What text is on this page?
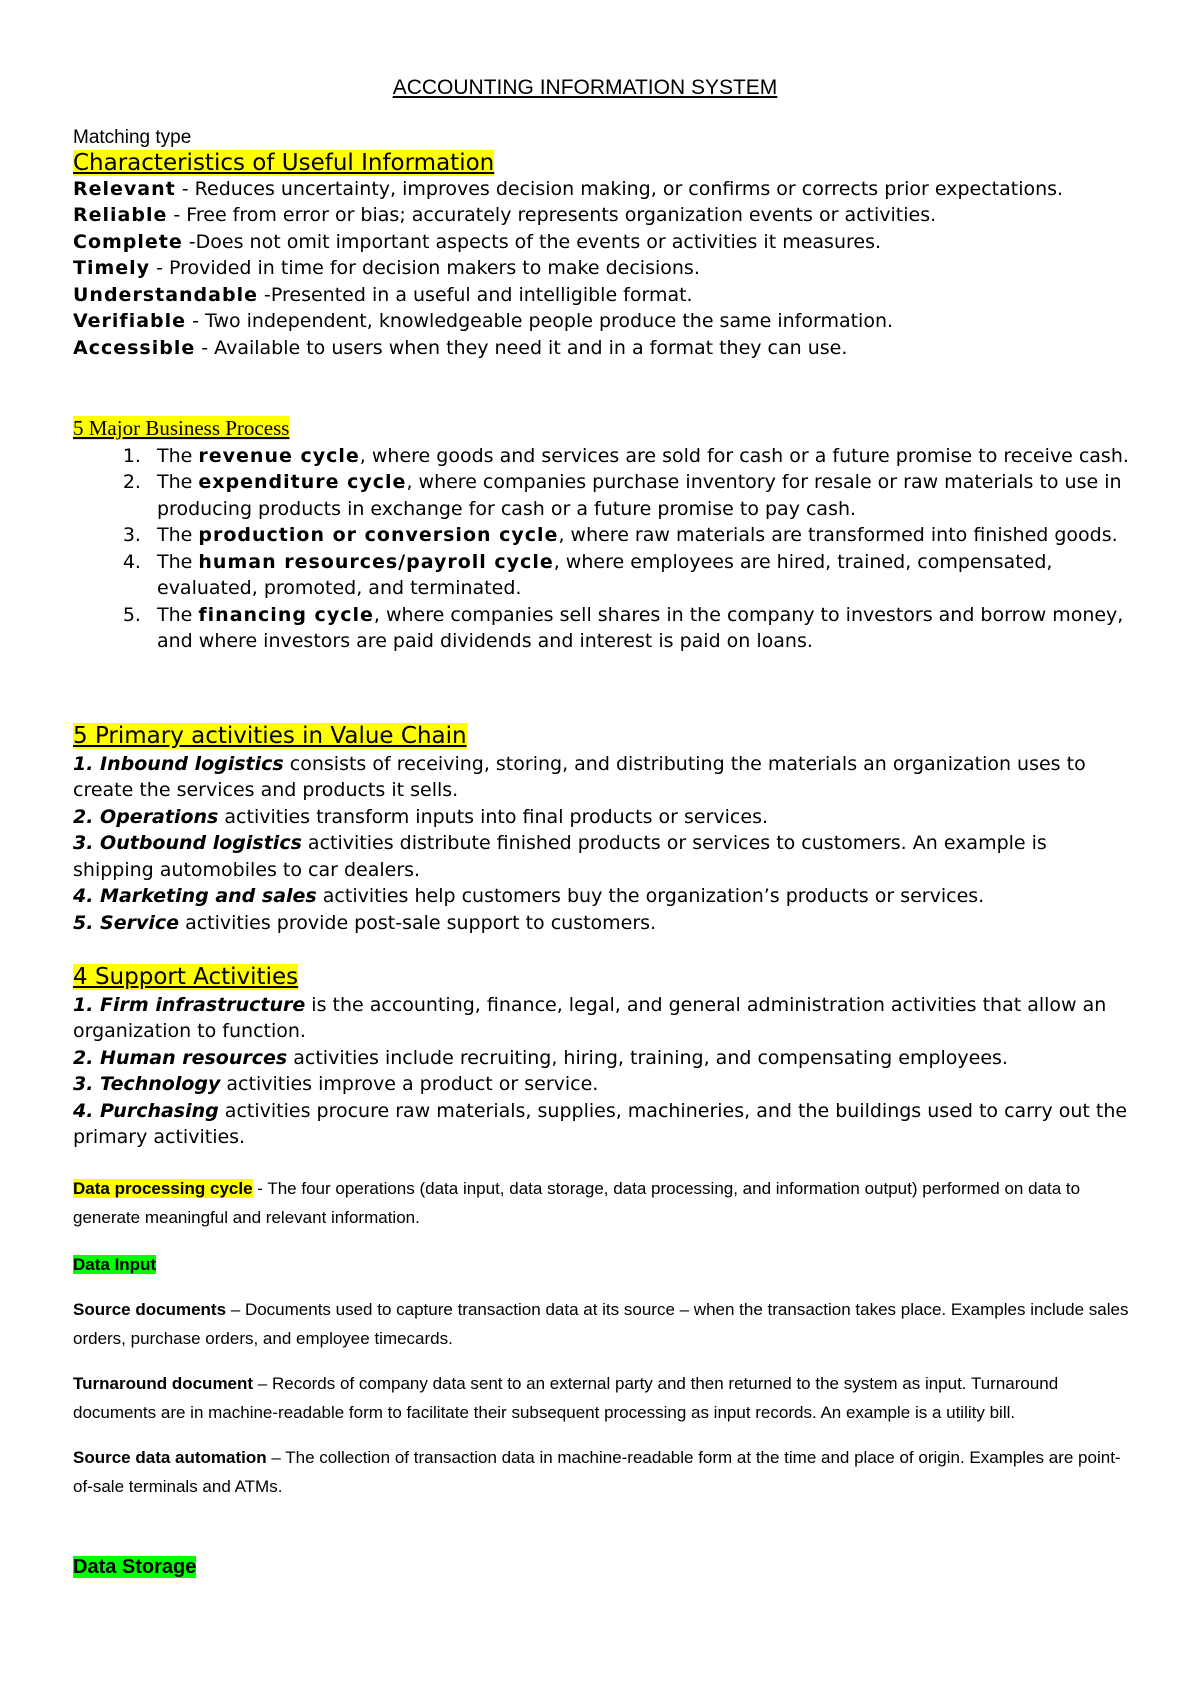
ACCOUNTING INFORMATION SYSTEM
Matching type
Characteristics of Useful Information

Relevant - Reduces uncertainty, improves decision making, or confirms or corrects prior expectations.

Reliable - Free from error or bias; accurately represents organization events or activities.

Complete -Does not omit important aspects of the events or activities it measures.

Timely - Provided in time for decision makers to make decisions.

Understandable -Presented in a useful and intelligible format.

Verifiable - Two independent, knowledgeable people produce the same information.

Accessible - Available to users when they need it and in a format they can use.

5 Major Business Process
1. The revenue cycle, where goods and services are sold for cash or a future promise to receive cash.
2. The expenditure cycle, where companies purchase inventory for resale or raw materials to use in producing products in exchange for cash or a future promise to pay cash.
3. The production or conversion cycle, where raw materials are transformed into finished goods.
4. The human resources/payroll cycle, where employees are hired, trained, compensated, evaluated, promoted, and terminated.
5. The financing cycle, where companies sell shares in the company to investors and borrow money, and where investors are paid dividends and interest is paid on loans.
5 Primary activities in Value Chain

1. Inbound logistics consists of receiving, storing, and distributing the materials an organization uses to create the services and products it sells.

2. Operations activities transform inputs into final products or services.

3. Outbound logistics activities distribute finished products or services to customers. An example is shipping automobiles to car dealers.

4. Marketing and sales activities help customers buy the organization’s products or services.

5. Service activities provide post-sale support to customers.

4 Support Activities

1. Firm infrastructure is the accounting, finance, legal, and general administration activities that allow an organization to function.

2. Human resources activities include recruiting, hiring, training, and compensating employees.

3. Technology activities improve a product or service.

4. Purchasing activities procure raw materials, supplies, machineries, and the buildings used to carry out the primary activities.

Data processing cycle - The four operations (data input, data storage, data processing, and information output) performed on data to generate meaningful and relevant information.

Data Input

Source documents – Documents used to capture transaction data at its source – when the transaction takes place. Examples include sales orders, purchase orders, and employee timecards.

Turnaround document – Records of company data sent to an external party and then returned to the system as input. Turnaround documents are in machine-readable form to facilitate their subsequent processing as input records. An example is a utility bill.

Source data automation – The collection of transaction data in machine-readable form at the time and place of origin. Examples are point-of-sale terminals and ATMs.

Data Storage
